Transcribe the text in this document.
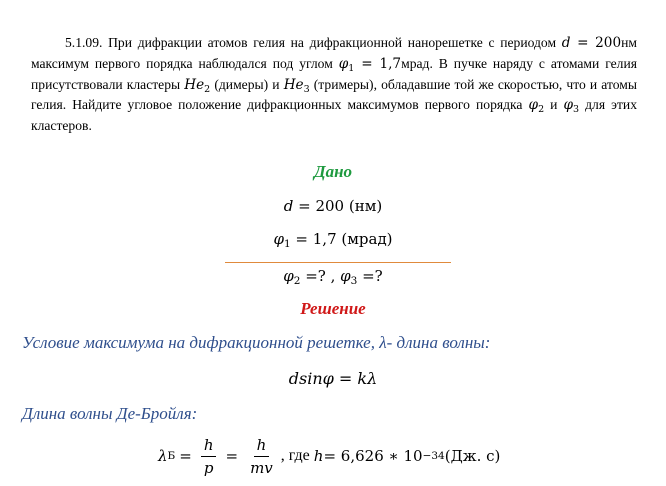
5.1.09. При дифракции атомов гелия на дифракционной нанорешетке с периодом d = 200нм максимум первого порядка наблюдался под углом $\varphi_1$ = 1,7мрад. В пучке наряду с атомами гелия присутствовали кластеры $He_2$ (димеры) и $He_3$ (тримеры), обладавшие той же скоростью, что и атомы гелия. Найдите угловое положение дифракционных максимумов первого порядка $\varphi_2$ и $\varphi_3$ для этих кластеров.
Дано
d = 200 (нм)
$\varphi_1 = 1,7$ (мрад)
$\varphi_2$ =? , $\varphi_3$ =?
Решение
Условие максимума на дифракционной решетке, λ- длина волны:
dsinφ = kλ
Длина волны Де-Бройля:
λ $Б = \frac{h}{p} = \frac{h}{mv}$ , где h = 6,626 ∗ 10 −34 (Дж. с)
